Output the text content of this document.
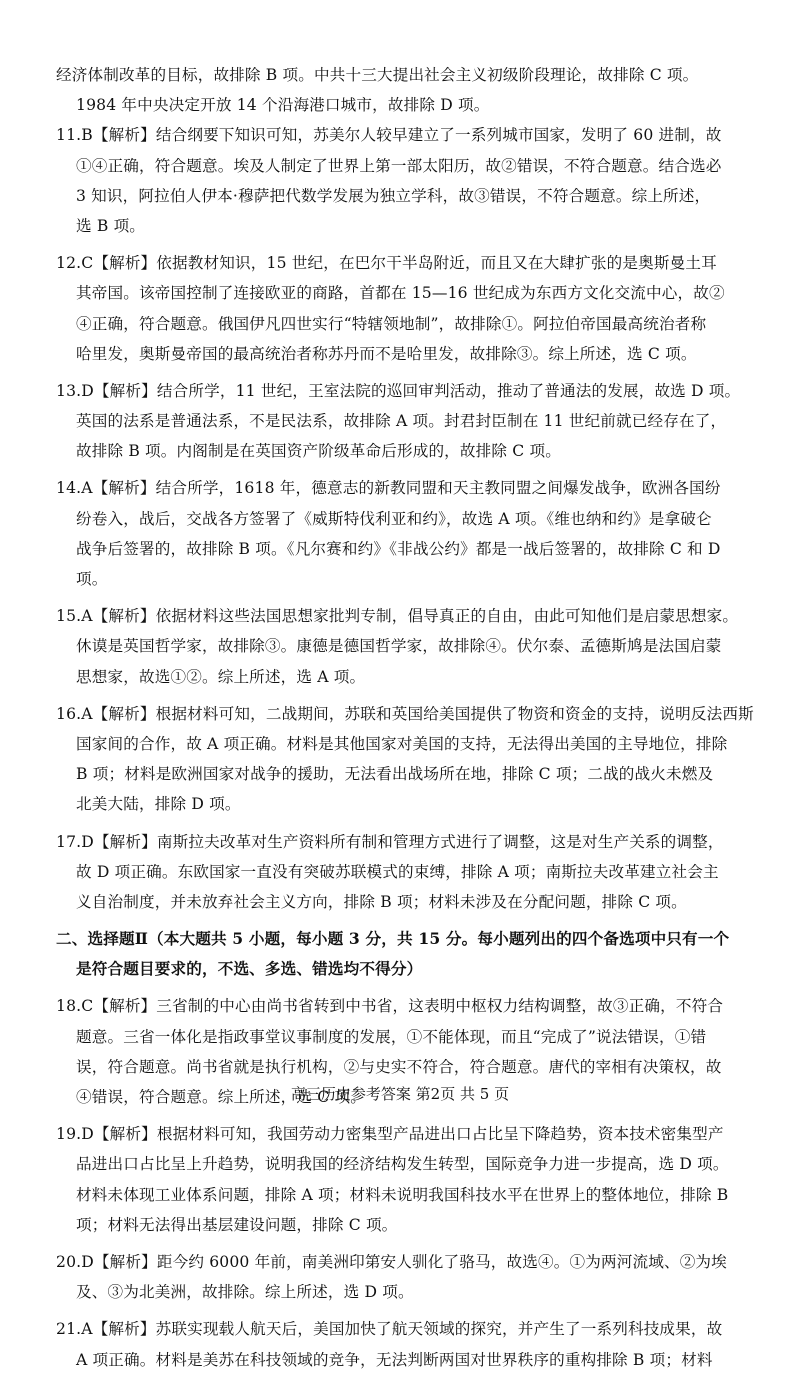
经济体制改革的目标，故排除 B 项。中共十三大提出社会主义初级阶段理论，故排除 C 项。
1984 年中央决定开放 14 个沿海港口城市，故排除 D 项。
11.B【解析】结合纲要下知识可知，苏美尔人较早建立了一系列城市国家，发明了 60 进制，故
①④正确，符合题意。埃及人制定了世界上第一部太阳历，故②错误，不符合题意。结合选必
3 知识，阿拉伯人伊本·穆萨把代数学发展为独立学科，故③错误，不符合题意。综上所述，
选 B 项。
12.C【解析】依据教材知识，15 世纪，在巴尔干半岛附近，而且又在大肆扩张的是奥斯曼土耳
其帝国。该帝国控制了连接欧亚的商路，首都在 15—16 世纪成为东西方文化交流中心，故②
④正确，符合题意。俄国伊凡四世实行“特辖领地制”，故排除①。阿拉伯帝国最高统治者称
哈里发，奥斯曼帝国的最高统治者称苏丹而不是哈里发，故排除③。综上所述，选 C 项。
13.D【解析】结合所学，11 世纪，王室法院的巡回审判活动，推动了普通法的发展，故选 D 项。
英国的法系是普通法系，不是民法系，故排除 A 项。封君封臣制在 11 世纪前就已经存在了，
故排除 B 项。内阁制是在英国资产阶级革命后形成的，故排除 C 项。
14.A【解析】结合所学，1618 年，德意志的新教同盟和天主教同盟之间爆发战争，欧洲各国纷
纷卷入，战后，交战各方签署了《威斯特伐利亚和约》，故选 A 项。《维也纳和约》是拿破仑
战争后签署的，故排除 B 项。《凡尔赛和约》《非战公约》都是一战后签署的，故排除 C 和 D
项。
15.A【解析】依据材料这些法国思想家批判专制，倡导真正的自由，由此可知他们是启蒙思想家。
休谟是英国哲学家，故排除③。康德是德国哲学家，故排除④。伏尔泰、孟德斯鸠是法国启蒙
思想家，故选①②。综上所述，选 A 项。
16.A【解析】根据材料可知，二战期间，苏联和英国给美国提供了物资和资金的支持，说明反法西斯
国家间的合作，故 A 项正确。材料是其他国家对美国的支持，无法得出美国的主导地位，排除
B 项；材料是欧洲国家对战争的援助，无法看出战场所在地，排除 C 项；二战的战火未燃及
北美大陆，排除 D 项。
17.D【解析】南斯拉夫改革对生产资料所有制和管理方式进行了调整，这是对生产关系的调整，
故 D 项正确。东欧国家一直没有突破苏联模式的束缚，排除 A 项；南斯拉夫改革建立社会主
义自治制度，并未放弃社会主义方向，排除 B 项；材料未涉及在分配问题，排除 C 项。
二、选择题Ⅱ（本大题共 5 小题，每小题 3 分，共 15 分。每小题列出的四个备选项中只有一个
是符合题目要求的，不选、多选、错选均不得分）
18.C【解析】三省制的中心由尚书省转到中书省，这表明中枢权力结构调整，故③正确，不符合
题意。三省一体化是指政事堂议事制度的发展，①不能体现，而且“完成了”说法错误，①错
误，符合题意。尚书省就是执行机构，②与史实不符合，符合题意。唐代的宰相有决策权，故
④错误，符合题意。综上所述，选 C 项。
19.D【解析】根据材料可知，我国劳动力密集型产品进出口占比呈下降趋势，资本技术密集型产
品进出口占比呈上升趋势，说明我国的经济结构发生转型，国际竞争力进一步提高，选 D 项。
材料未体现工业体系问题，排除 A 项；材料未说明我国科技水平在世界上的整体地位，排除 B
项；材料无法得出基层建设问题，排除 C 项。
20.D【解析】距今约 6000 年前，南美洲印第安人驯化了骆马，故选④。①为两河流域、②为埃
及、③为北美洲，故排除。综上所述，选 D 项。
21.A【解析】苏联实现载人航天后，美国加快了航天领域的探究，并产生了一系列科技成果，故
A 项正确。材料是美苏在科技领域的竞争，无法判断两国对世界秩序的重构排除 B 项；材料
高三历史参考答案 第2页 共 5 页
